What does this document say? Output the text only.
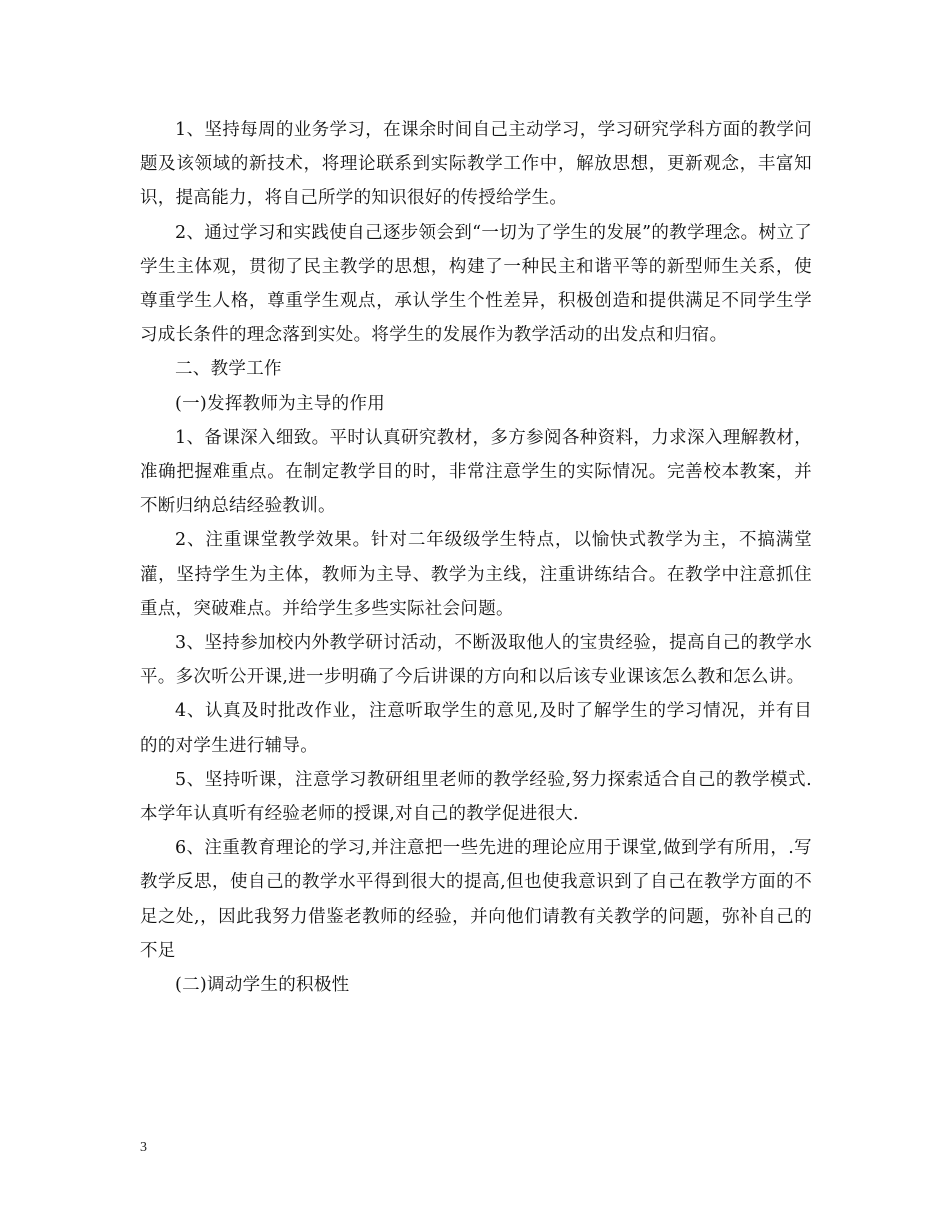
1、坚持每周的业务学习，在课余时间自己主动学习，学习研究学科方面的教学问题及该领域的新技术，将理论联系到实际教学工作中，解放思想，更新观念，丰富知识，提高能力，将自己所学的知识很好的传授给学生。

2、通过学习和实践使自己逐步领会到“一切为了学生的发展”的教学理念。树立了学生主体观，贯彻了民主教学的思想，构建了一种民主和谐平等的新型师生关系，使尊重学生人格，尊重学生观点，承认学生个性差异，积极创造和提供满足不同学生学习成长条件的理念落到实处。将学生的发展作为教学活动的出发点和归宿。

二、教学工作

(一)发挥教师为主导的作用

1、备课深入细致。平时认真研究教材，多方参阅各种资料，力求深入理解教材，准确把握难重点。在制定教学目的时，非常注意学生的实际情况。完善校本教案，并不断归纳总结经验教训。

2、注重课堂教学效果。针对二年级级学生特点，以愉快式教学为主，不搞满堂灌，坚持学生为主体，教师为主导、教学为主线，注重讲练结合。在教学中注意抓住重点，突破难点。并给学生多些实际社会问题。

3、坚持参加校内外教学研讨活动，不断汲取他人的宝贵经验，提高自己的教学水平。多次听公开课,进一步明确了今后讲课的方向和以后该专业课该怎么教和怎么讲。

4、认真及时批改作业，注意听取学生的意见,及时了解学生的学习情况，并有目的的对学生进行辅导。

5、坚持听课，注意学习教研组里老师的教学经验,努力探索适合自己的教学模式.本学年认真听有经验老师的授课,对自己的教学促进很大.

6、注重教育理论的学习,并注意把一些先进的理论应用于课堂,做到学有所用，.写教学反思，使自己的教学水平得到很大的提高,但也使我意识到了自己在教学方面的不足之处,，因此我努力借鉴老教师的经验，并向他们请教有关教学的问题，弥补自己的不足

(二)调动学生的积极性

3
